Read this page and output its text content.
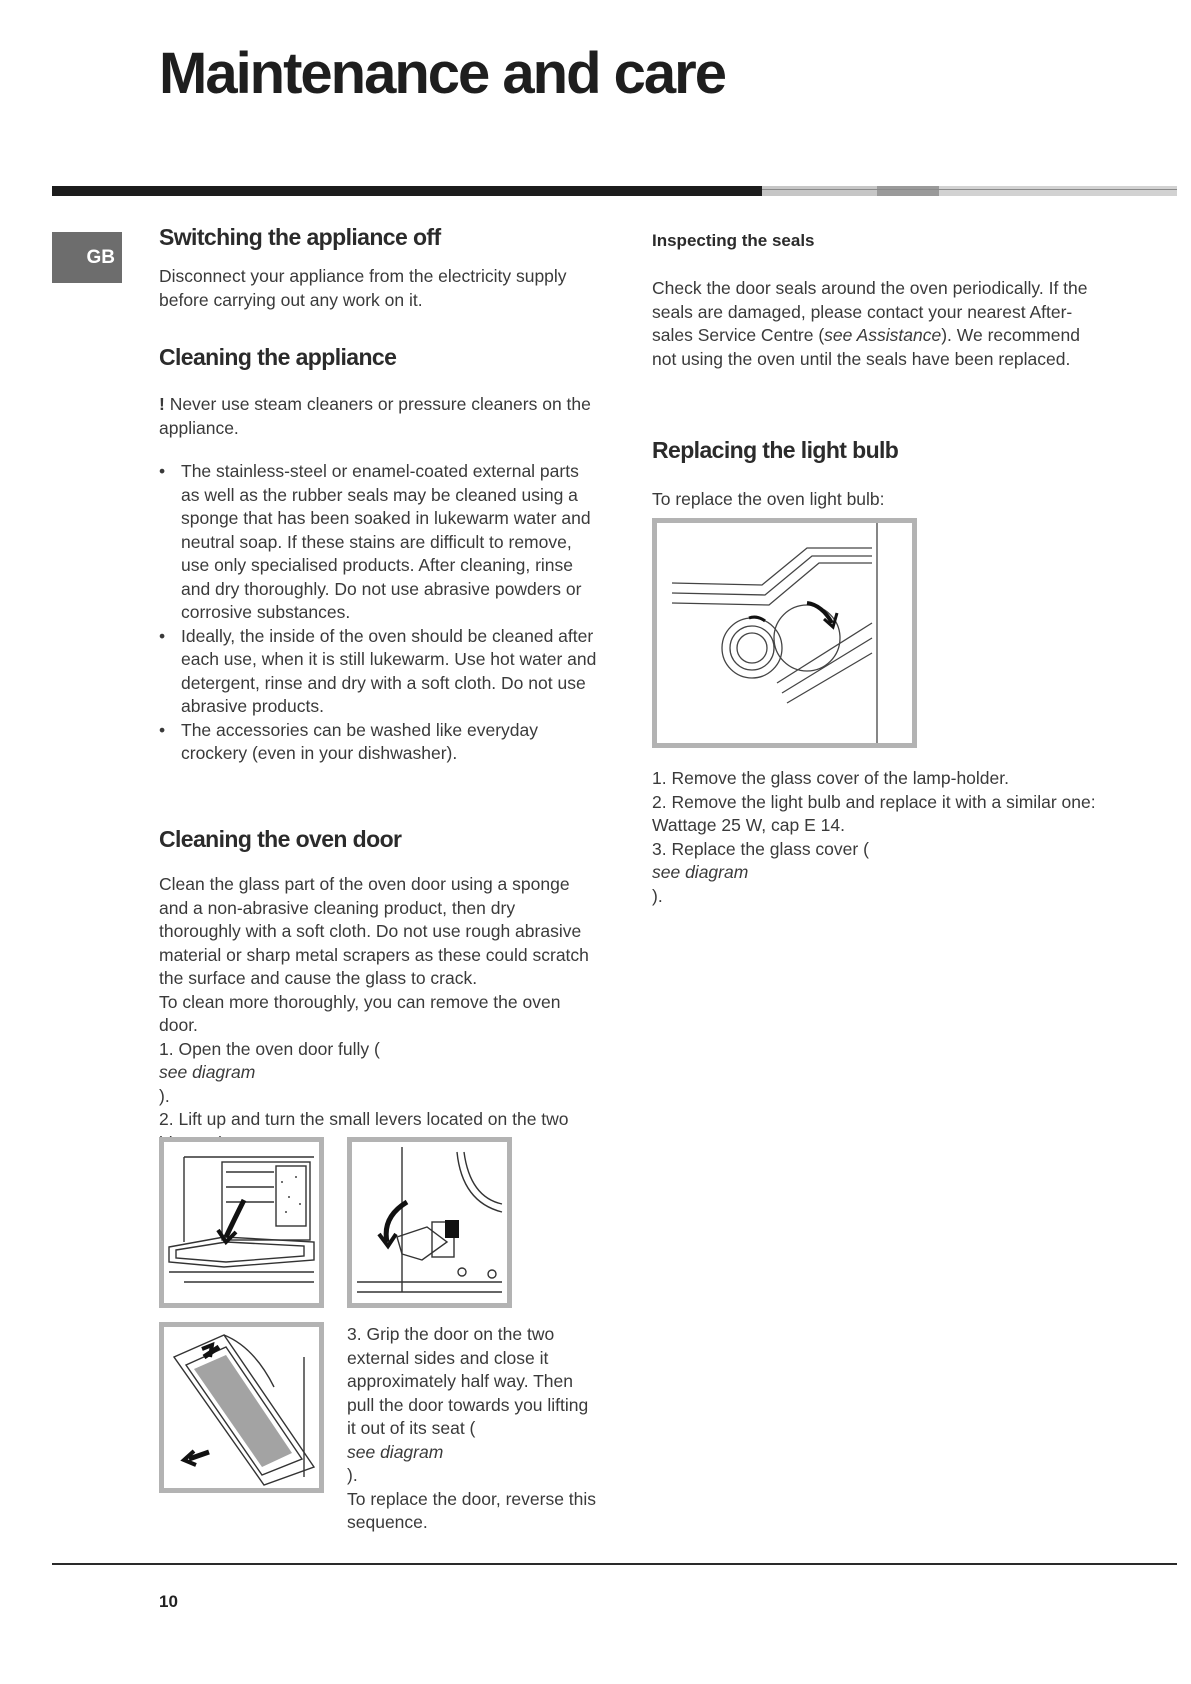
Maintenance and care
GB
Switching the appliance off

Disconnect your appliance from the electricity supply before carrying out any work on it.

Cleaning the appliance

! Never use steam cleaners or pressure cleaners on the appliance.

• The stainless-steel or enamel-coated external parts as well as the rubber seals may be cleaned using a sponge that has been soaked in lukewarm water and neutral soap. If these stains are difficult to remove, use only specialised products. After cleaning, rinse and dry thoroughly. Do not use abrasive powders or corrosive substances.
• Ideally, the inside of the oven should be cleaned after each use, when it is still lukewarm. Use hot water and detergent, rinse and dry with a soft cloth. Do not use abrasive products.
• The accessories can be washed like everyday crockery (even in your dishwasher).
Cleaning the oven door
Clean the glass part of the oven door using a sponge and a non-abrasive cleaning product, then dry thoroughly with a soft cloth. Do not use rough abrasive material or sharp metal scrapers as these could scratch the surface and cause the glass to crack.
To clean more thoroughly, you can remove the oven door.
1. Open the oven door fully (
see diagram
).
2. Lift up and turn the small levers located on the two
3. Grip the door on the two external sides and close it approximately half way. Then pull the door towards you lifting it out of its seat (
see diagram
).
To replace the door, reverse this sequence.
Inspecting the seals

Check the door seals around the oven periodically. If the seals are damaged, please contact your nearest After-sales Service Centre (see Assistance). We recommend not using the oven until the seals have been replaced.

Replacing the light bulb

To replace the oven light bulb:

1. Remove the glass cover of the lamp-holder.
2. Remove the light bulb and replace it with a similar one: Wattage 25 W, cap E 14.
3. Replace the glass cover (
see diagram
).
10
